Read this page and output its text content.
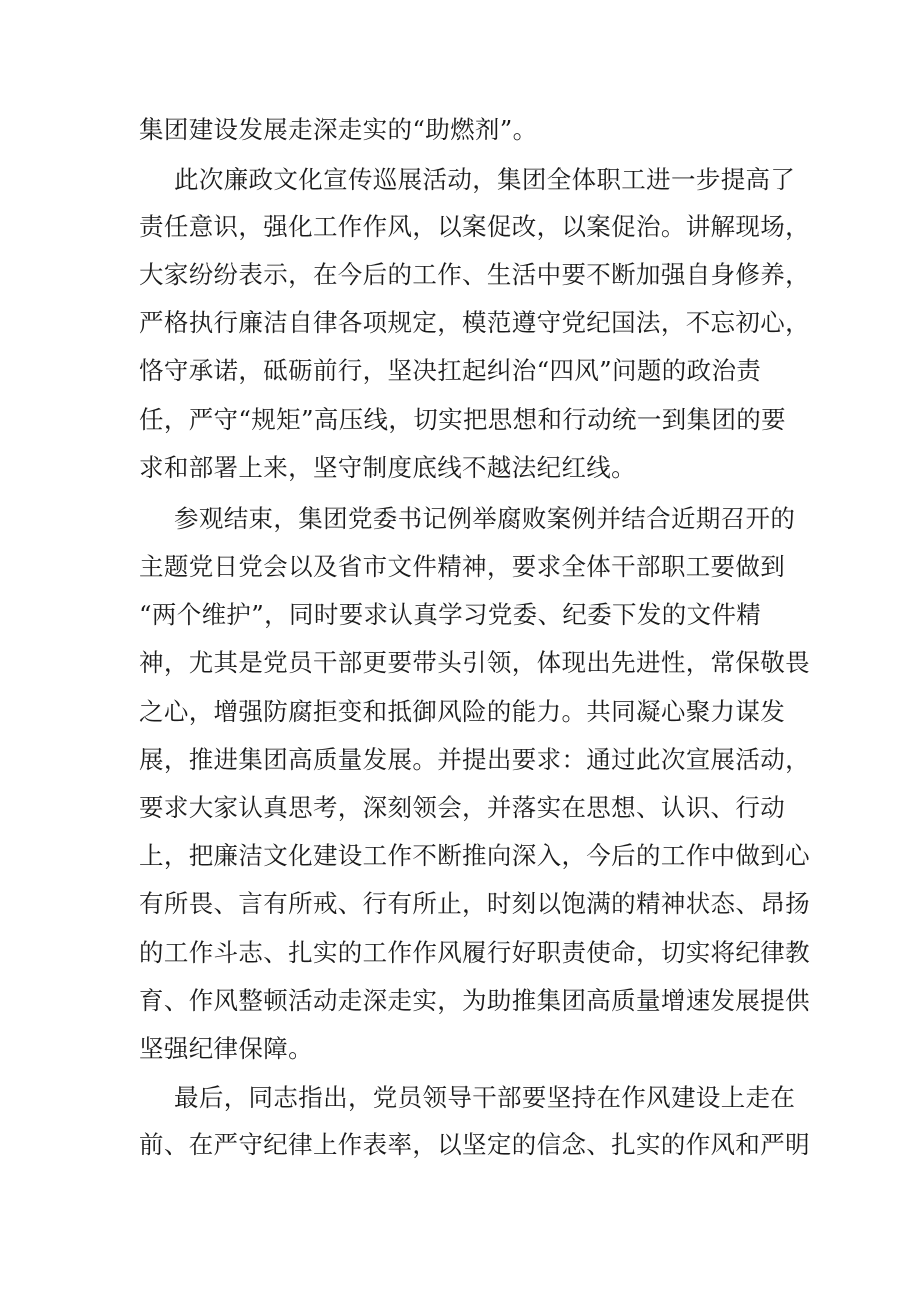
集团建设发展走深走实的“助燃剂”。
此次廉政文化宣传巡展活动，集团全体职工进一步提高了
责任意识，强化工作作风，以案促改，以案促治。讲解现场，
大家纷纷表示，在今后的工作、生活中要不断加强自身修养，
严格执行廉洁自律各项规定，模范遵守党纪国法，不忘初心，
恪守承诺，砥砺前行，坚决扛起纠治“四风”问题的政治责
任，严守“规矩”高压线，切实把思想和行动统一到集团的要
求和部署上来，坚守制度底线不越法纪红线。
参观结束，集团党委书记例举腐败案例并结合近期召开的
主题党日党会以及省市文件精神，要求全体干部职工要做到
“两个维护”，同时要求认真学习党委、纪委下发的文件精
神，尤其是党员干部更要带头引领，体现出先进性，常保敬畏
之心，增强防腐拒变和抵御风险的能力。共同凝心聚力谋发
展，推进集团高质量发展。并提出要求：通过此次宣展活动，
要求大家认真思考，深刻领会，并落实在思想、认识、行动
上，把廉洁文化建设工作不断推向深入，今后的工作中做到心
有所畏、言有所戒、行有所止，时刻以饱满的精神状态、昂扬
的工作斗志、扎实的工作作风履行好职责使命，切实将纪律教
育、作风整顿活动走深走实，为助推集团高质量增速发展提供
坚强纪律保障。
最后，同志指出，党员领导干部要坚持在作风建设上走在
前、在严守纪律上作表率，以坚定的信念、扎实的作风和严明
